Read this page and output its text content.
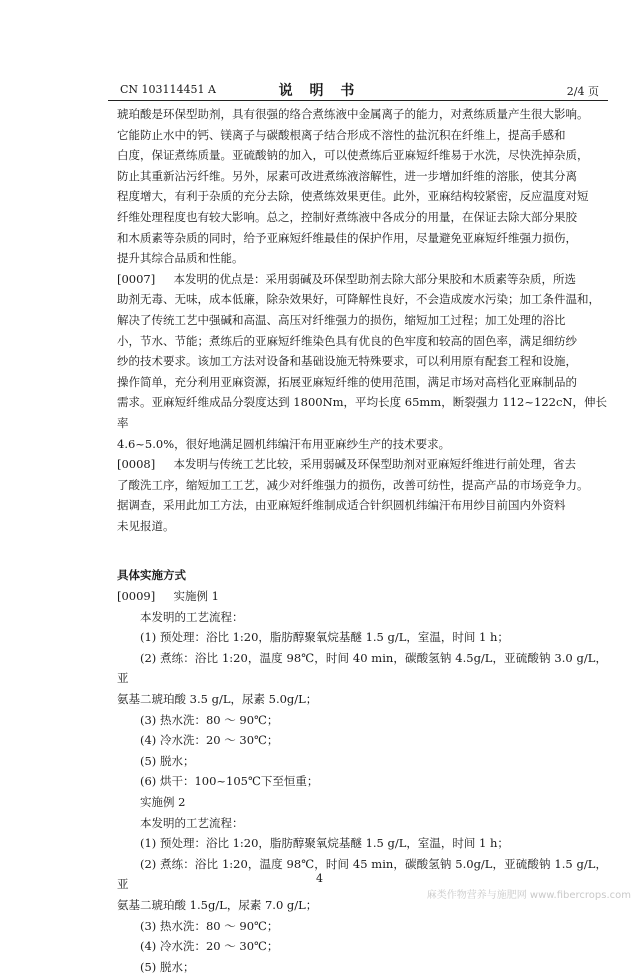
CN 103114451 A	说 明 书	2/4 页

琥珀酸是环保型助剂，具有很强的络合煮练液中金属离子的能力，对煮练质量产生很大影响。
它能防止水中的钙、镁离子与碳酸根离子结合形成不溶性的盐沉积在纤维上，提高手感和
白度，保证煮练质量。亚硫酸钠的加入，可以使煮练后亚麻短纤维易于水洗，尽快洗掉杂质，
防止其重新沾污纤维。另外，尿素可改进煮练液溶解性，进一步增加纤维的溶胀，使其分离
程度增大，有利于杂质的充分去除，使煮练效果更佳。此外，亚麻结构较紧密，反应温度对短
纤维处理程度也有较大影响。总之，控制好煮练液中各成分的用量，在保证去除大部分果胶
和木质素等杂质的同时，给予亚麻短纤维最佳的保护作用，尽量避免亚麻短纤维强力损伤，
提升其综合品质和性能。

[0007] 本发明的优点是：采用弱碱及环保型助剂去除大部分果胶和木质素等杂质，所选
助剂无毒、无味，成本低廉，除杂效果好，可降解性良好，不会造成废水污染；加工条件温和，
解决了传统工艺中强碱和高温、高压对纤维强力的损伤，缩短加工过程；加工处理的浴比
小，节水、节能；煮练后的亚麻短纤维染色具有优良的色牢度和较高的固色率，满足细纺纱
纱的技术要求。该加工方法对设备和基础设施无特殊要求，可以利用原有配套工程和设施，
操作简单，充分利用亚麻资源，拓展亚麻短纤维的使用范围，满足市场对高档化亚麻制品的
需求。亚麻短纤维成品分裂度达到 1800Nm，平均长度 65mm，断裂强力 112~122cN，伸长率
4.6~5.0%，很好地满足圆机纬编汗布用亚麻纱生产的技术要求。

[0008] 本发明与传统工艺比较，采用弱碱及环保型助剂对亚麻短纤维进行前处理，省去
了酸洗工序，缩短加工工艺，减少对纤维强力的损伤，改善可纺性，提高产品的市场竞争力。
据调查，采用此加工方法，由亚麻短纤维制成适合针织圆机纬编汗布用纱目前国内外资料
未见报道。

具体实施方式

[0009] 实施例 1

本发明的工艺流程：

(1) 预处理：浴比 1:20，脂肪醇聚氧烷基醚 1.5 g/L，室温，时间 1 h；

(2) 煮练：浴比 1:20，温度 98℃，时间 40 min，碳酸氢钠 4.5g/L，亚硫酸钠 3.0 g/L，亚

氨基二琥珀酸 3.5 g/L，尿素 5.0g/L；

(3) 热水洗：80 ～ 90℃；

(4) 冷水洗：20 ～ 30℃；

(5) 脱水；

(6) 烘干：100~105℃下至恒重；

实施例 2

本发明的工艺流程：

(1) 预处理：浴比 1:20，脂肪醇聚氧烷基醚 1.5 g/L，室温，时间 1 h；

(2) 煮练：浴比 1:20，温度 98℃，时间 45 min，碳酸氢钠 5.0g/L，亚硫酸钠 1.5 g/L，亚

氨基二琥珀酸 1.5g/L，尿素 7.0 g/L；

(3) 热水洗：80 ～ 90℃；

(4) 冷水洗：20 ～ 30℃；

(5) 脱水；

4
麻类作物营养与施肥网 www.fibercrops.com
